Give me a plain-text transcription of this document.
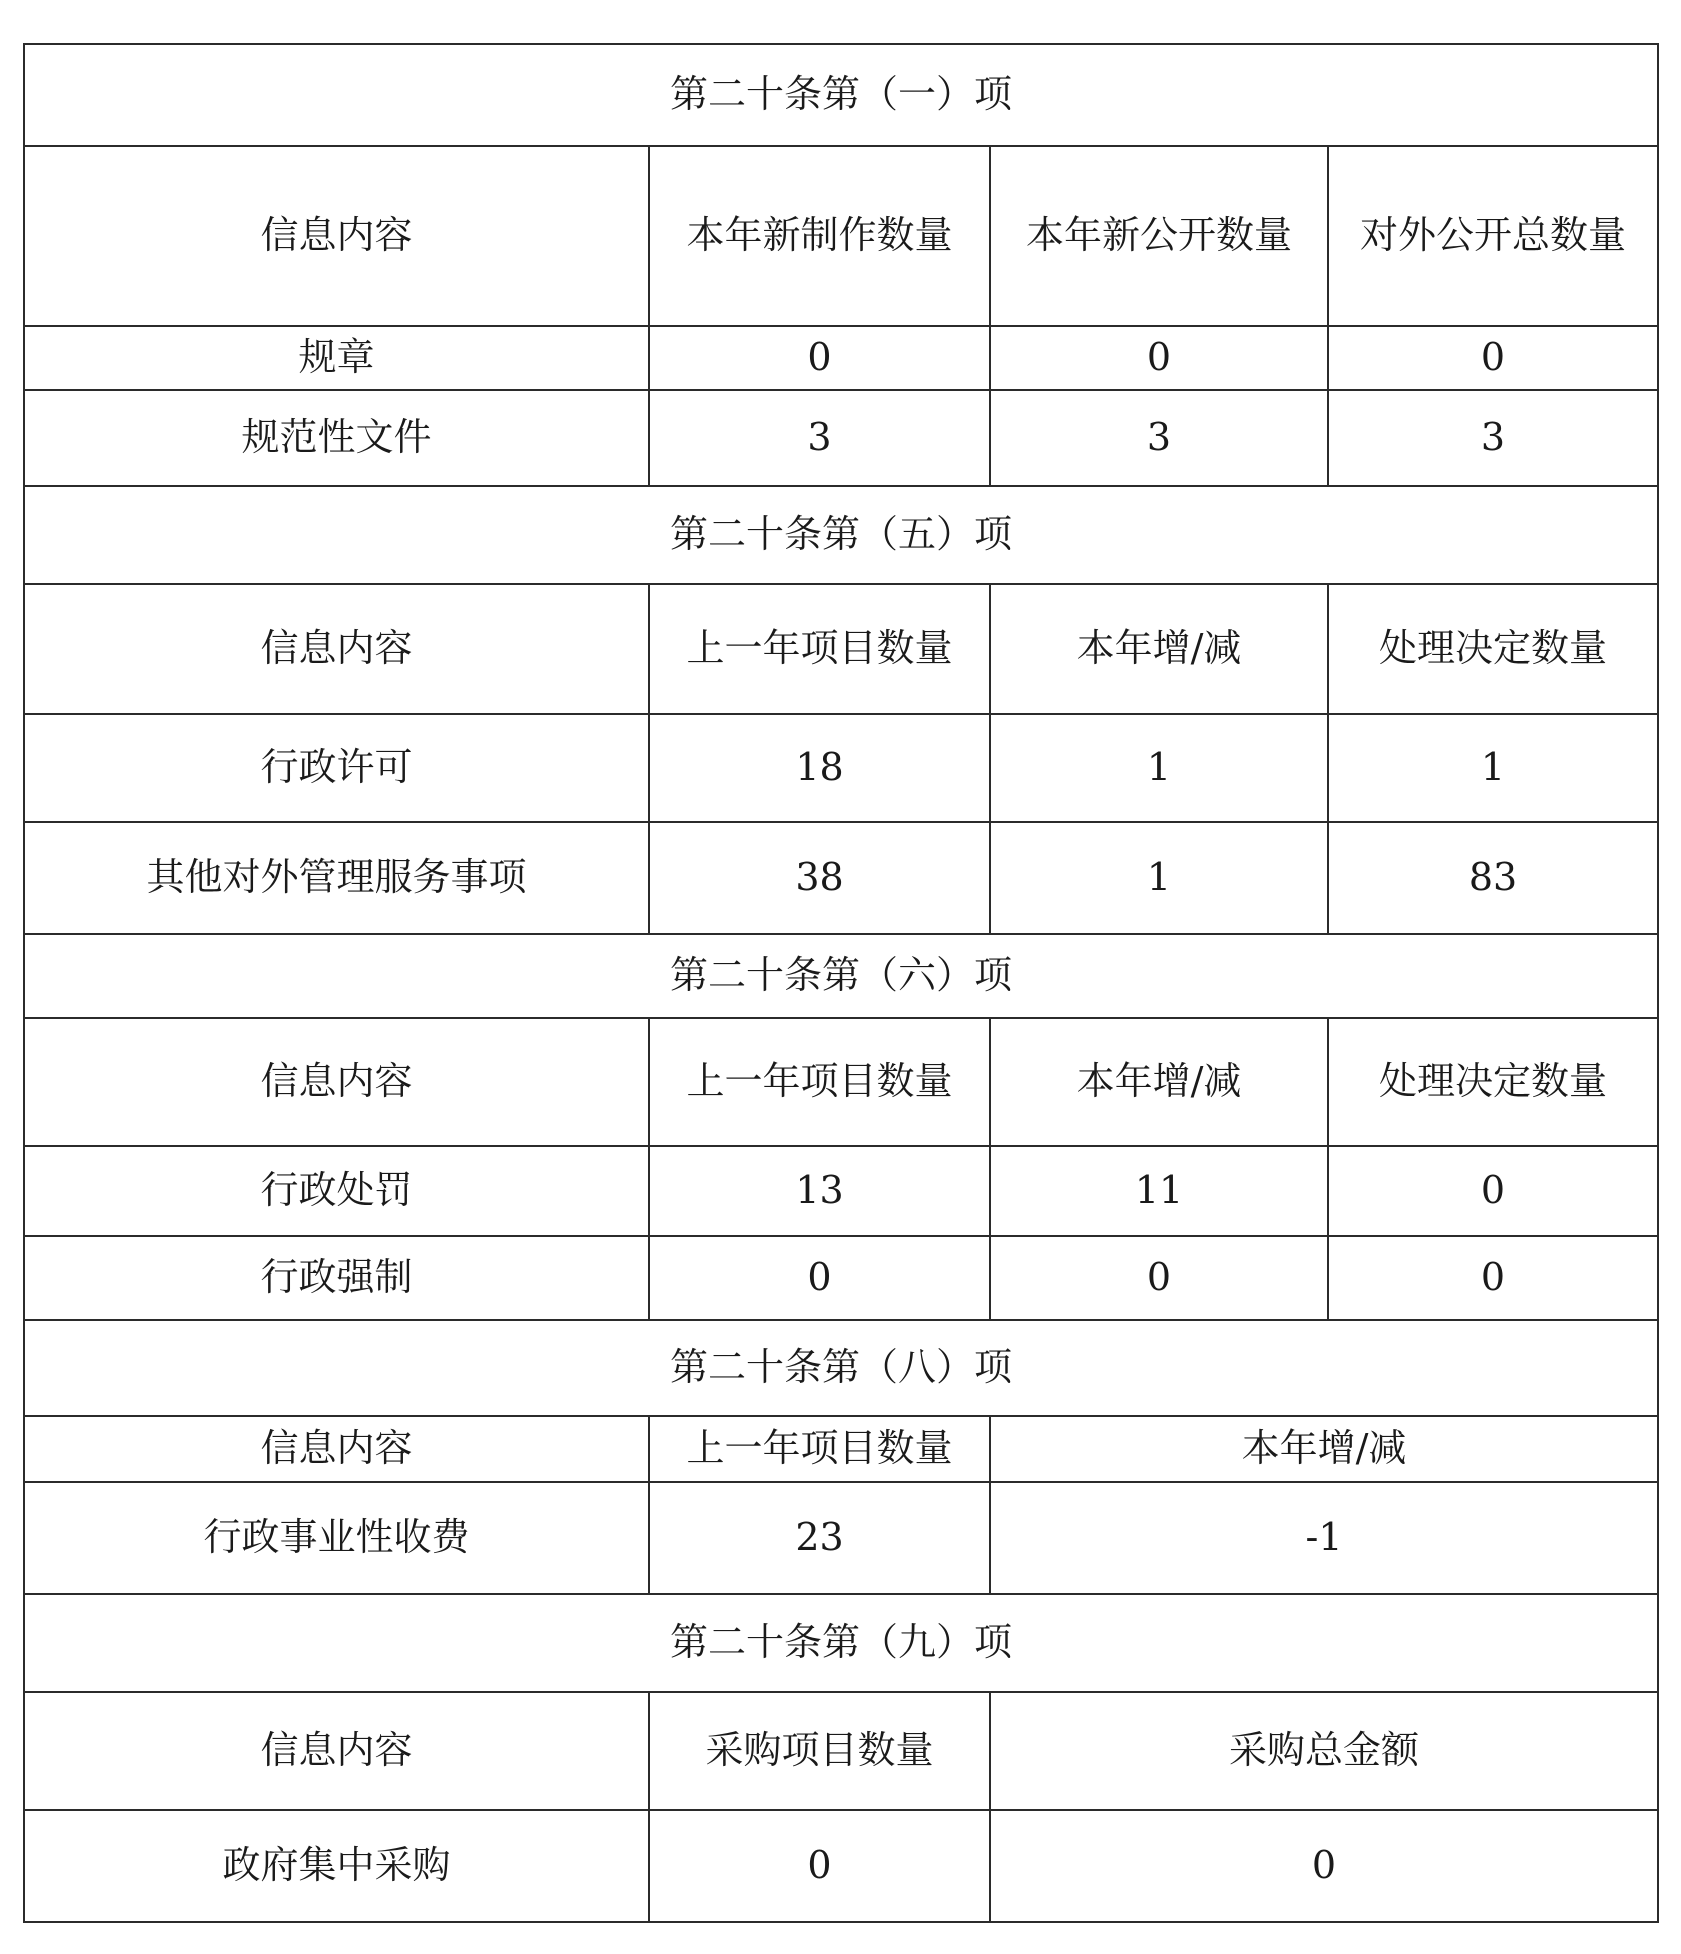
第二十条第（一）项			
信息内容	本年新制作数量	本年新公开数量	对外公开总数量
规章	0	0	0
规范性文件	3	3	3
第二十条第（五）项			
信息内容	上一年项目数量	本年增/减	处理决定数量
行政许可	18	1	1
其他对外管理服务事项	38	1	83
第二十条第（六）项			
信息内容	上一年项目数量	本年增/减	处理决定数量
行政处罚	13	11	0
行政强制	0	0	0
第二十条第（八）项			
信息内容	上一年项目数量	本年增/减	
行政事业性收费	23	-1	
第二十条第（九）项			
信息内容	采购项目数量	采购总金额	
政府集中采购	0	0	
